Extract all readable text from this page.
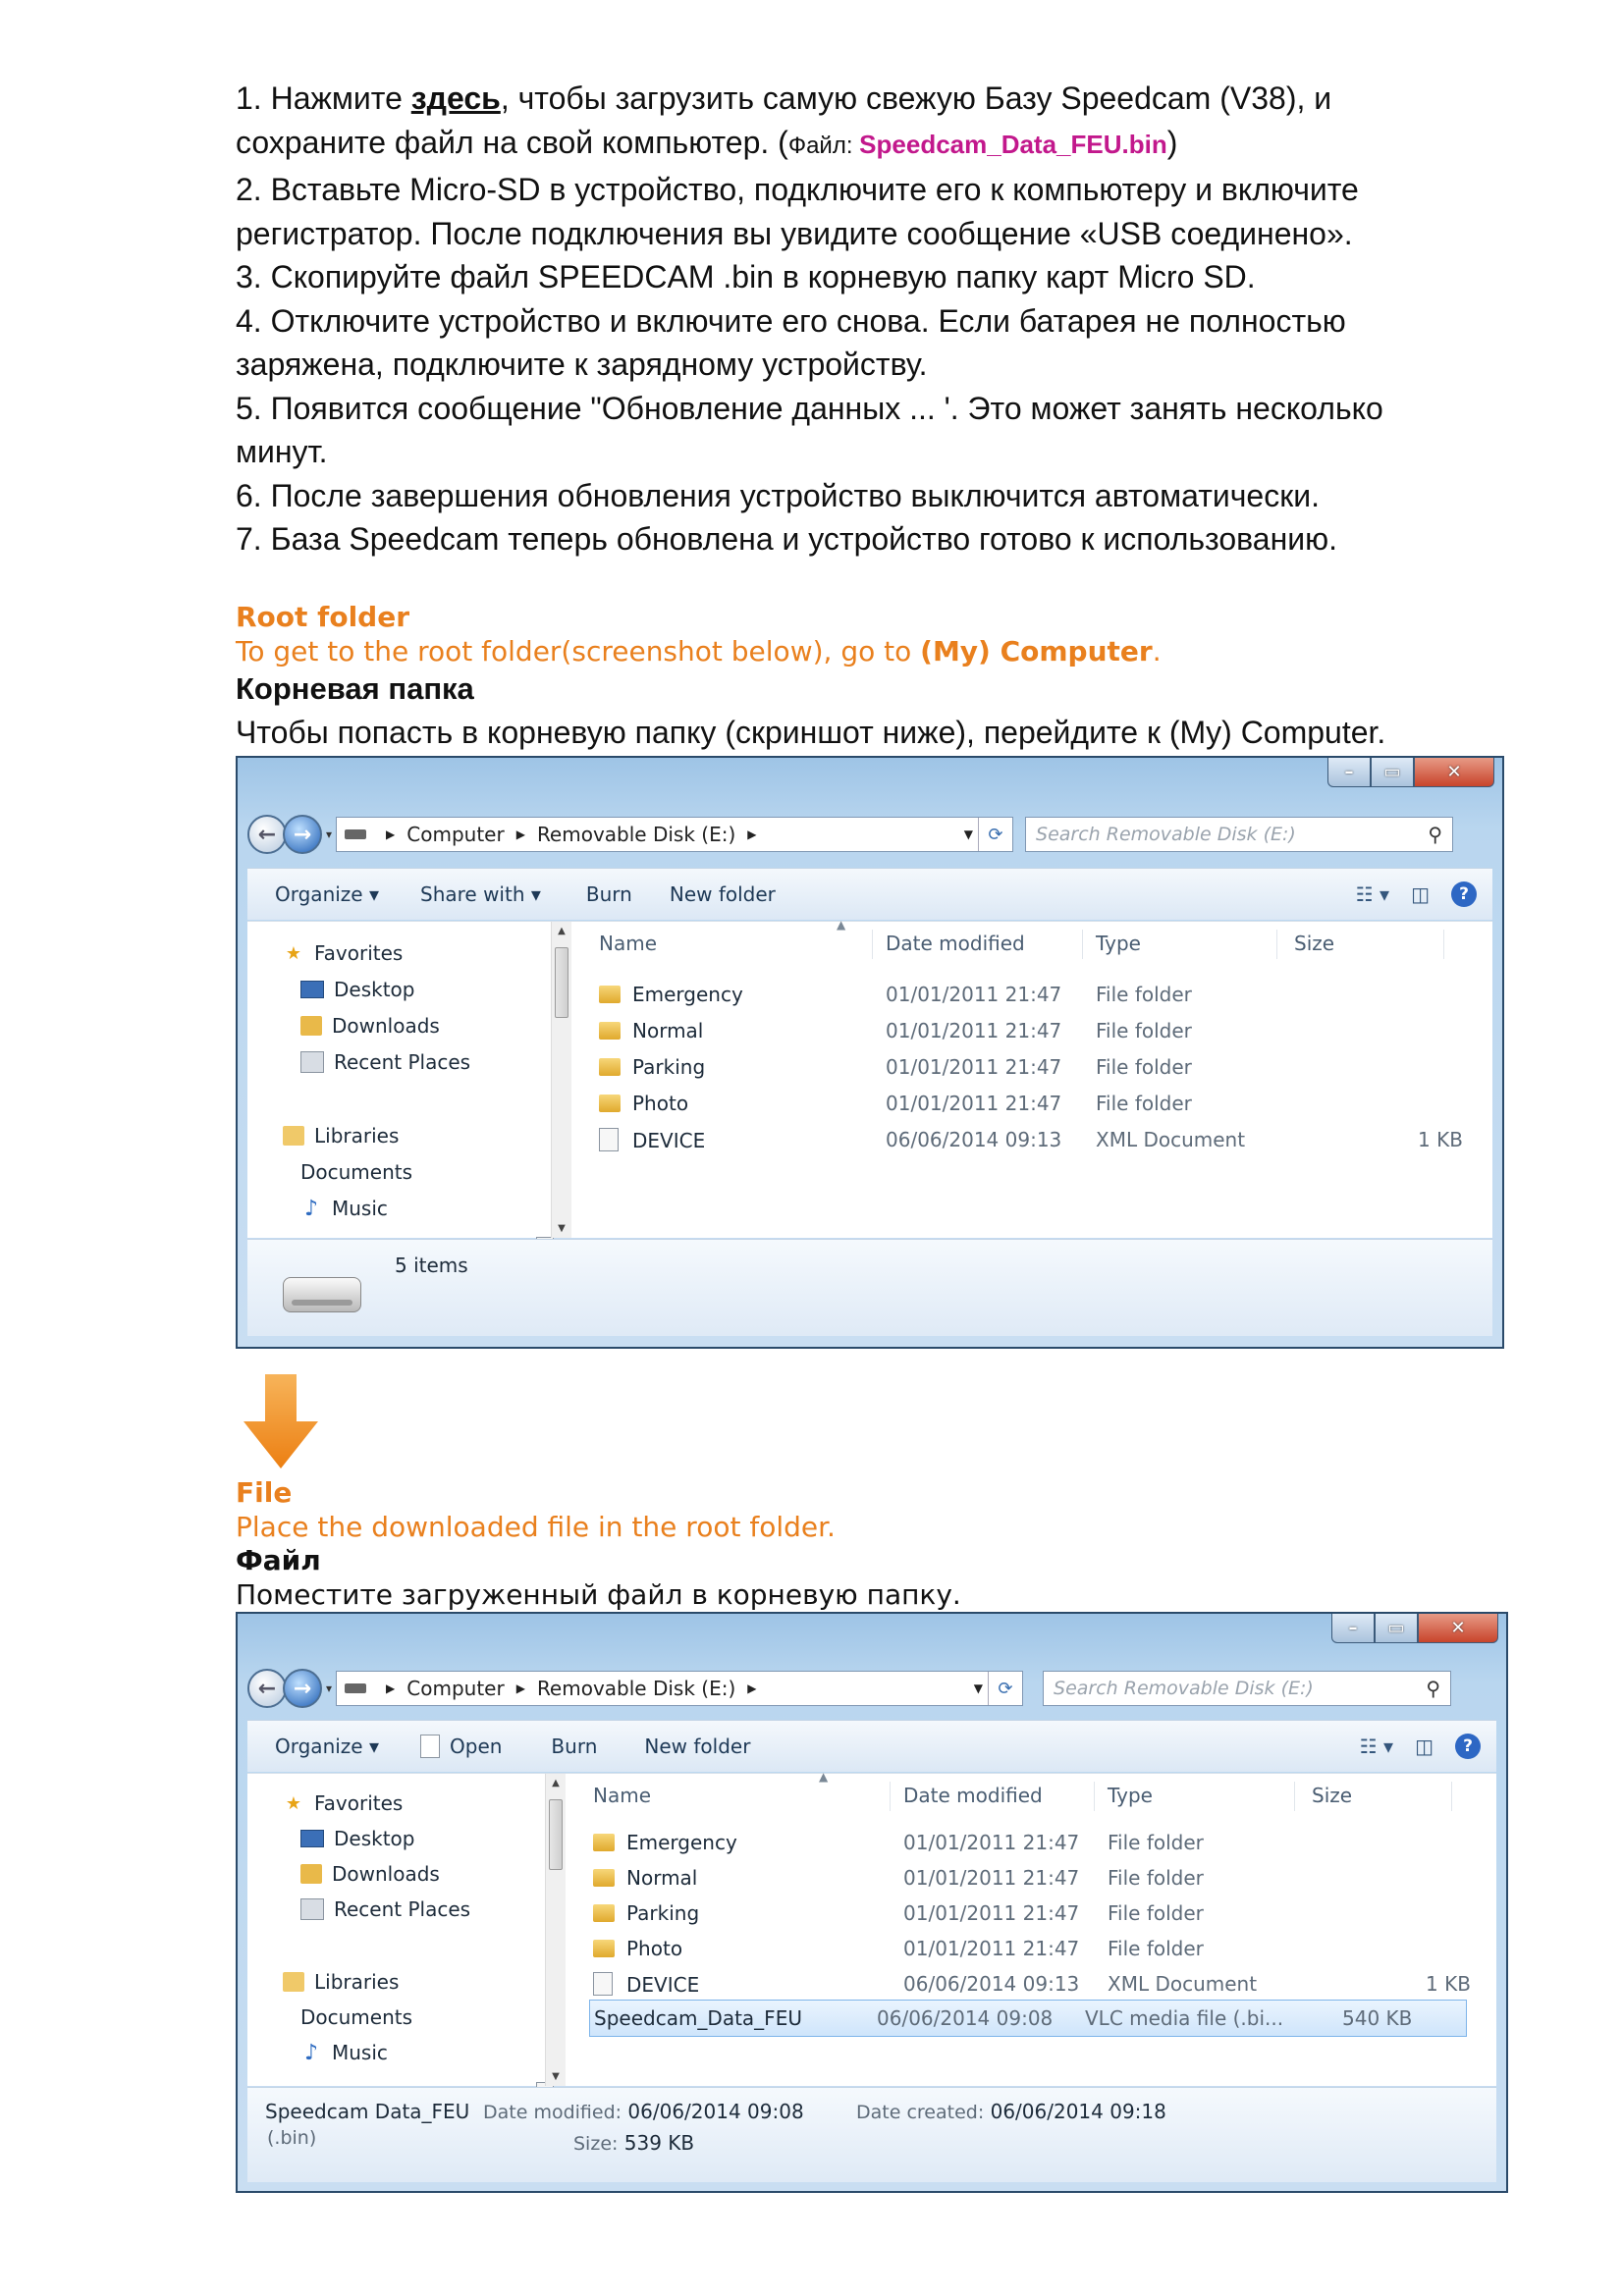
1. Нажмите здесь, чтобы загрузить самую свежую Базу Speedcam (V38), и

сохраните файл на свой компьютер. (Файл: Speedcam_Data_FEU.bin)

2. Вставьте Micro-SD в устройство, подключите его к компьютеру и включите

регистратор. После подключения вы увидите сообщение «USB соединено».

3. Скопируйте файл SPEEDCAM .bin в корневую папку карт Micro SD.

4. Отключите устройство и включите его снова. Если батарея не полностью

заряжена, подключите к зарядному устройству.

5. Появится сообщение "Обновление данных ... '. Это может занять несколько

минут.

6. После завершения обновления устройство выключится автоматически.

7. База Speedcam теперь обновлена и устройство готово к использованию.

Root folder
To get to the root folder(screenshot below), go to (My) Computer.
Корневая папка
Чтобы попасть в корневую папку (скриншот ниже), перейдите к (My) Computer.
–	▭	✕
← →	▾	▶ Computer ▶ Removable Disk (E:) ▶	▼ ⟳	Search Removable Disk (E:)	⚲
Organize ▾ Share with ▾ Burn New folder	☷ ▾ ◫	?
★ Favorites
Desktop
Downloads
Recent Places
Libraries
Documents
♪ Music
▲
▼
Name
▲
Date modified	Type	Size
Emergency	01/01/2011 21:47 File folder
Normal	01/01/2011 21:47 File folder
Parking	01/01/2011 21:47 File folder
Photo	01/01/2011 21:47 File folder
DEVICE	06/06/2014 09:13 XML Document	1 KB
5 items
File
Place the downloaded file in the root folder.
Файл
Поместите загруженный файл в корневую папку.
–	▭	✕
← →	▾	▶ Computer ▶ Removable Disk (E:) ▶	▼ ⟳	Search Removable Disk (E:)	⚲
Organize ▾	Open	Burn New folder	☷ ▾ ◫	?
★ Favorites
Desktop
Downloads
Recent Places
Libraries
Documents
♪ Music
▲
▼
Name
▲
Date modified	Type	Size
Emergency	01/01/2011 21:47 File folder
Normal	01/01/2011 21:47 File folder
Parking	01/01/2011 21:47 File folder
Photo	01/01/2011 21:47 File folder
DEVICE	06/06/2014 09:13 XML Document	1 KB
Speedcam_Data_FEU	06/06/2014 09:08 VLC media file (.bi...	540 KB
Speedcam Data_FEU
(.bin)
Date modified: 06/06/2014 09:08	Date created: 06/06/2014 09:18
Size: 539 KB
